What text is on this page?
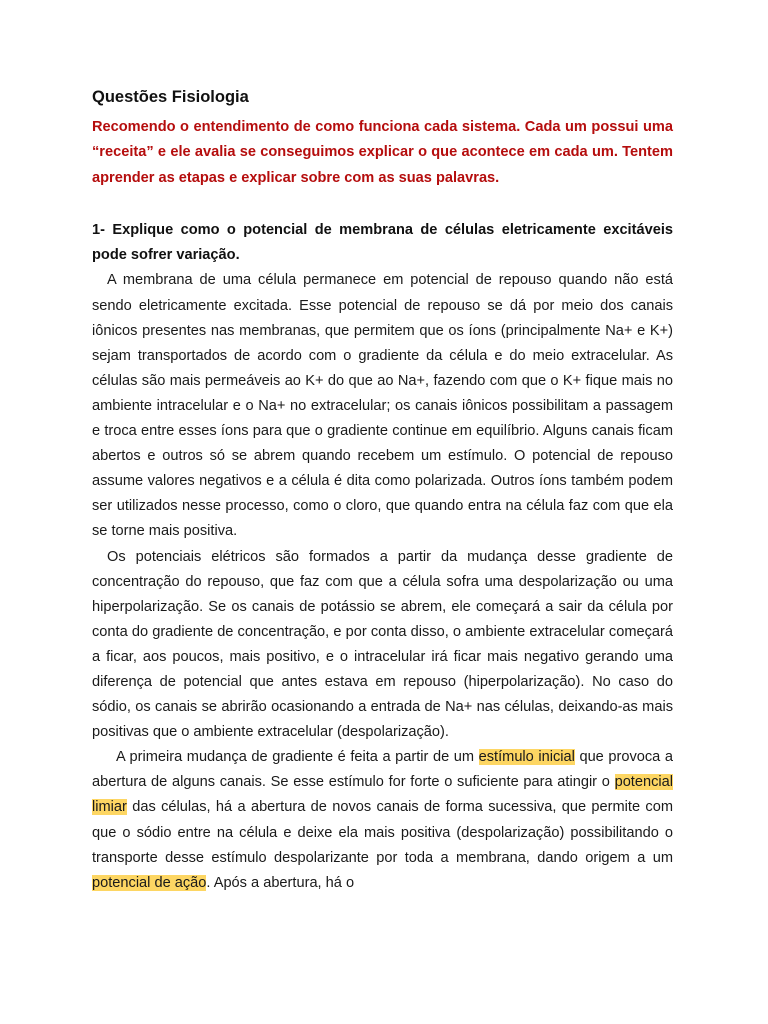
Questões Fisiologia
Recomendo o entendimento de como funciona cada sistema. Cada um possui uma “receita” e ele avalia se conseguimos explicar o que acontece em cada um. Tentem aprender as etapas e explicar sobre com as suas palavras.
1- Explique como o potencial de membrana de células eletricamente excitáveis pode sofrer variação.

A membrana de uma célula permanece em potencial de repouso quando não está sendo eletricamente excitada. Esse potencial de repouso se dá por meio dos canais iônicos presentes nas membranas, que permitem que os íons (principalmente Na+ e K+) sejam transportados de acordo com o gradiente da célula e do meio extracelular. As células são mais permeáveis ao K+ do que ao Na+, fazendo com que o K+ fique mais no ambiente intracelular e o Na+ no extracelular; os canais iônicos possibilitam a passagem e troca entre esses íons para que o gradiente continue em equilíbrio. Alguns canais ficam abertos e outros só se abrem quando recebem um estímulo. O potencial de repouso assume valores negativos e a célula é dita como polarizada. Outros íons também podem ser utilizados nesse processo, como o cloro, que quando entra na célula faz com que ela se torne mais positiva.

Os potenciais elétricos são formados a partir da mudança desse gradiente de concentração do repouso, que faz com que a célula sofra uma despolarização ou uma hiperpolarização. Se os canais de potássio se abrem, ele começará a sair da célula por conta do gradiente de concentração, e por conta disso, o ambiente extracelular começará a ficar, aos poucos, mais positivo, e o intracelular irá ficar mais negativo gerando uma diferença de potencial que antes estava em repouso (hiperpolarização). No caso do sódio, os canais se abrirão ocasionando a entrada de Na+ nas células, deixando-as mais positivas que o ambiente extracelular (despolarização).

A primeira mudança de gradiente é feita a partir de um estímulo inicial que provoca a abertura de alguns canais. Se esse estímulo for forte o suficiente para atingir o potencial limiar das células, há a abertura de novos canais de forma sucessiva, que permite com que o sódio entre na célula e deixe ela mais positiva (despolarização) possibilitando o transporte desse estímulo despolarizante por toda a membrana, dando origem a um potencial de ação. Após a abertura, há o
